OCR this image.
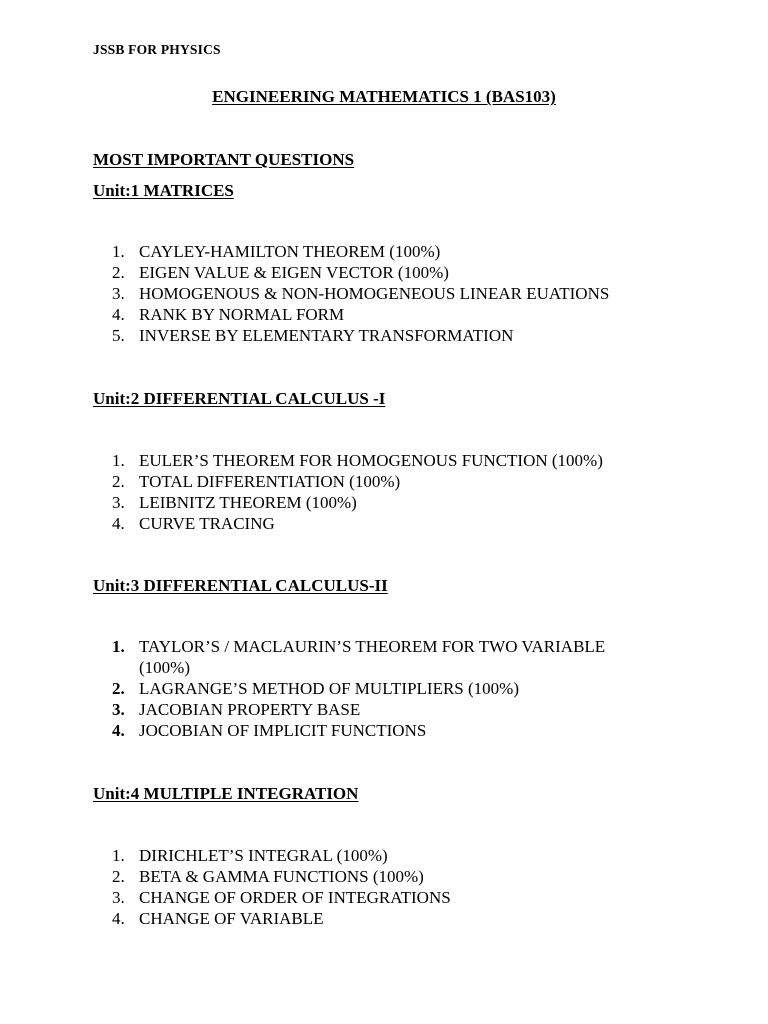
JSSB FOR PHYSICS
ENGINEERING MATHEMATICS 1 (BAS103)
MOST IMPORTANT QUESTIONS
Unit:1 MATRICES
1. CAYLEY-HAMILTON THEOREM (100%)
2. EIGEN VALUE & EIGEN VECTOR (100%)
3. HOMOGENOUS & NON-HOMOGENEOUS LINEAR EUATIONS
4. RANK BY NORMAL FORM
5. INVERSE BY ELEMENTARY TRANSFORMATION
Unit:2 DIFFERENTIAL CALCULUS -I
1. EULER’S THEOREM FOR HOMOGENOUS FUNCTION (100%)
2. TOTAL DIFFERENTIATION (100%)
3. LEIBNITZ THEOREM (100%)
4. CURVE TRACING
Unit:3 DIFFERENTIAL CALCULUS-II
1. TAYLOR’S / MACLAURIN’S THEOREM FOR TWO VARIABLE (100%)
2. LAGRANGE’S METHOD OF MULTIPLIERS (100%)
3. JACOBIAN PROPERTY BASE
4. JOCOBIAN OF IMPLICIT FUNCTIONS
Unit:4 MULTIPLE INTEGRATION
1. DIRICHLET’S INTEGRAL (100%)
2. BETA & GAMMA FUNCTIONS (100%)
3. CHANGE OF ORDER OF INTEGRATIONS
4. CHANGE OF VARIABLE
